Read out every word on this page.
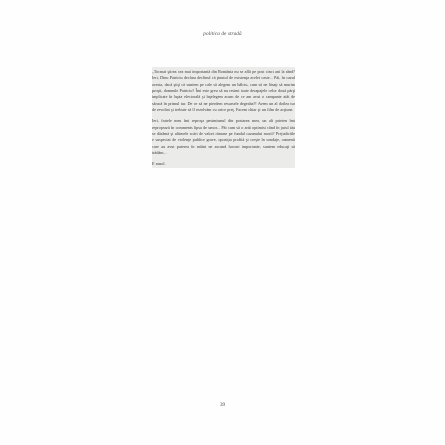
politica de stradă

„Tocmai ştirea cea mai importantă din România nu se află pe post cinci ani la rând? Ieri, Dinu Patriciu declara declinul că ţinutul de existenţa acelei caste... Păi, în cazul acesta, dacă ştiţi că suntem pe cale să alegem un bâlciu, cum să ne lăsaţi să murim proşti, domnule Patriciu? Îmi este greu să nu resimt toate derapajele celor două părţi implicate în lupta electorală şi înţelegem acum de ce am avut o campanie atât de săracă în primul tur. De ce să ne pierdem resursele degeaba?! Avem un al doilea tur de revoltat şi trebuie să îl rezolvăm cu orice preţ. Facem chiar şi un film de acţiune.

Ieri, fratele meu îmi reproşa pesimismul din postarea mea, un alt prieten îmi reproşează în comments lipsa de umor... Păi cum să o arăt optimist când în jurul tău se dărâmă şi ultimele scări de valori rămase pe fundul cazanului morii? Prejudiciile e suspectat de violenţe publice grave, opoziţia profită şi creşte în sondaje, oamenii care au avut puterea în mâini ne ascund lucruri importante, suntem educaţi să trădăm...

E nasol.

39
